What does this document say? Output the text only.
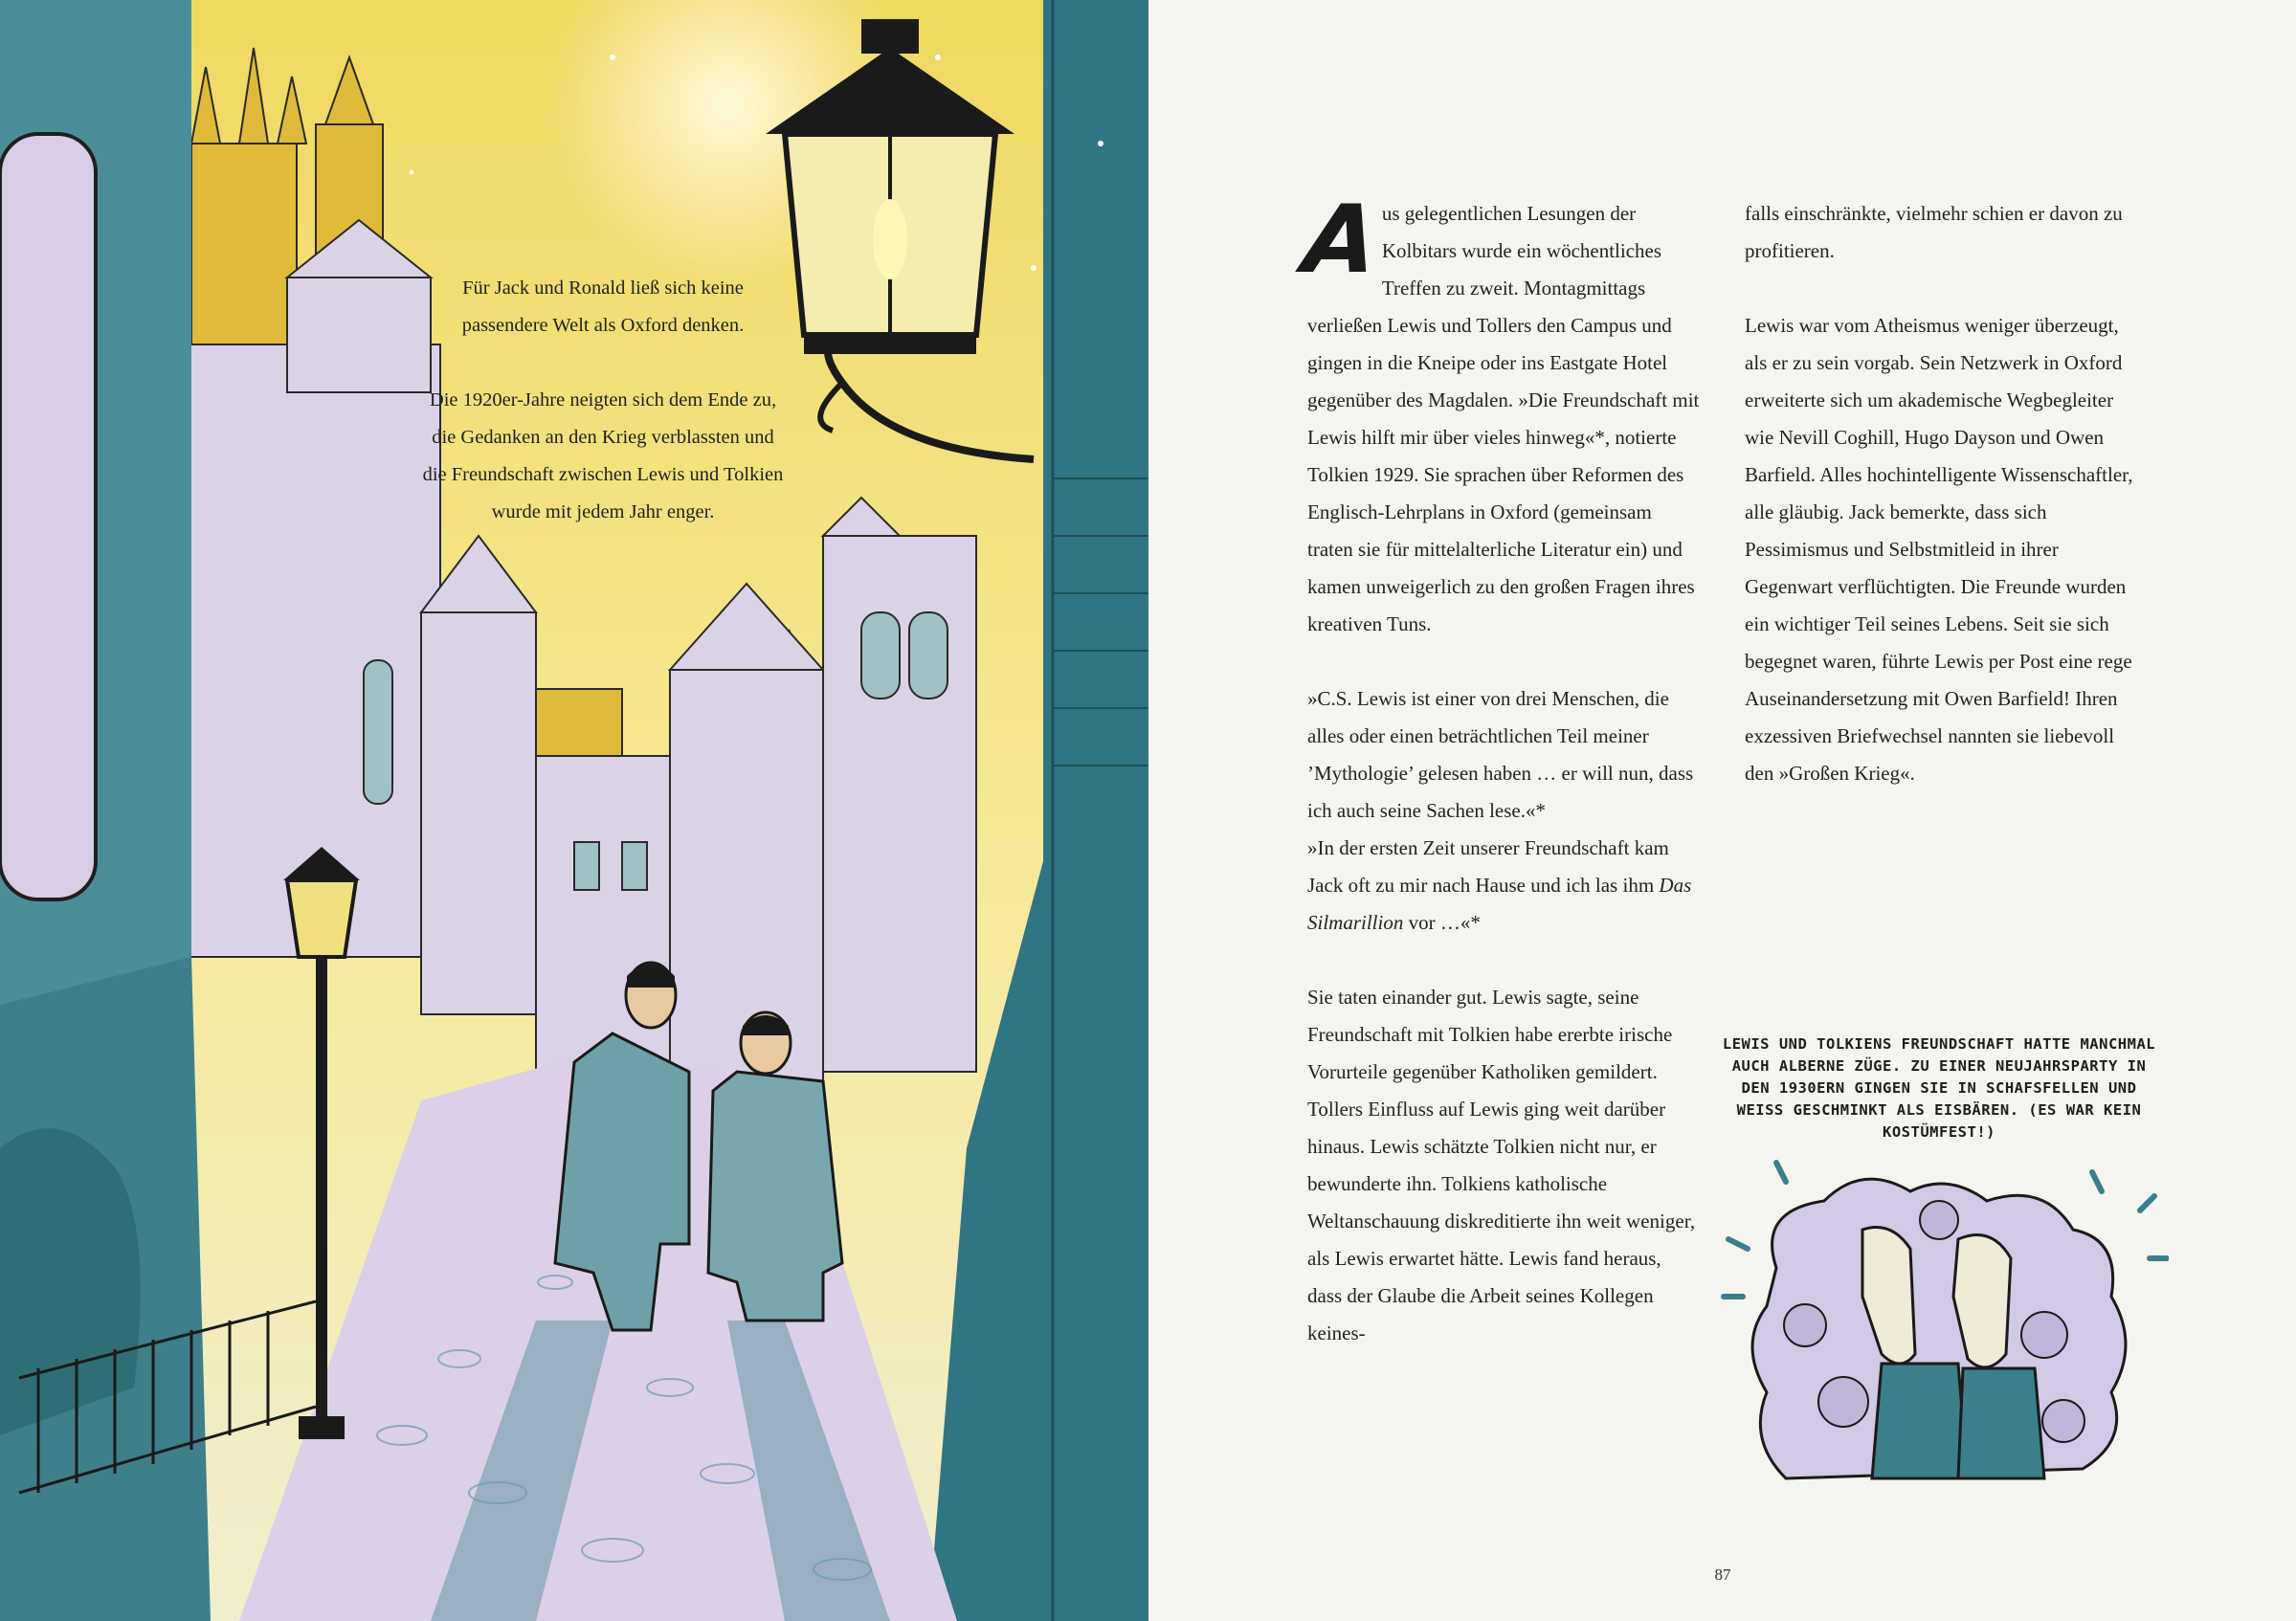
Für Jack und Ronald ließ sich keine passendere Welt als Oxford denken.

Die 1920er-Jahre neigten sich dem Ende zu, die Gedanken an den Krieg verblassten und die Freundschaft zwischen Lewis und Tolkien wurde mit jedem Jahr enger.

Aus gelegentlichen Lesungen der Kolbitars wurde ein wöchentliches Treffen zu zweit. Montagmittags verließen Lewis und Tollers den Campus und gingen in die Kneipe oder ins Eastgate Hotel gegenüber des Magdalen. »Die Freundschaft mit Lewis hilft mir über vieles hinweg«*, notierte Tolkien 1929. Sie sprachen über Reformen des Englisch-Lehrplans in Oxford (gemeinsam traten sie für mittelalterliche Literatur ein) und kamen unweigerlich zu den großen Fragen ihres kreativen Tuns.

»C.S. Lewis ist einer von drei Menschen, die alles oder einen beträchtlichen Teil meiner ’Mythologie’ gelesen haben … er will nun, dass ich auch seine Sachen lese.«*
»In der ersten Zeit unserer Freundschaft kam Jack oft zu mir nach Hause und ich las ihm Das Silmarillion vor …«*

Sie taten einander gut. Lewis sagte, seine Freundschaft mit Tolkien habe ererbte irische Vorurteile gegenüber Katholiken gemildert. Tollers Einfluss auf Lewis ging weit darüber hinaus. Lewis schätzte Tolkien nicht nur, er bewunderte ihn. Tolkiens katholische Weltanschauung diskreditierte ihn weit weniger, als Lewis erwartet hätte. Lewis fand heraus, dass der Glaube die Arbeit seines Kollegen keines-

falls einschränkte, vielmehr schien er davon zu profitieren.

Lewis war vom Atheismus weniger überzeugt, als er zu sein vorgab. Sein Netzwerk in Oxford erweiterte sich um akademische Wegbegleiter wie Nevill Coghill, Hugo Dayson und Owen Barfield. Alles hochintelligente Wissenschaftler, alle gläubig. Jack bemerkte, dass sich Pessimismus und Selbstmitleid in ihrer Gegenwart verflüchtigten. Die Freunde wurden ein wichtiger Teil seines Lebens. Seit sie sich begegnet waren, führte Lewis per Post eine rege Auseinandersetzung mit Owen Barfield! Ihren exzessiven Briefwechsel nannten sie liebevoll den »Großen Krieg«.

LEWIS UND TOLKIENS FREUNDSCHAFT HATTE MANCHMAL AUCH ALBERNE ZÜGE. ZU EINER NEUJAHRSPARTY IN DEN 1930ERN GINGEN SIE IN SCHAFSFELLEN UND WEISS GESCHMINKT ALS EISBÄREN. (ES WAR KEIN KOSTÜMFEST!)
87
